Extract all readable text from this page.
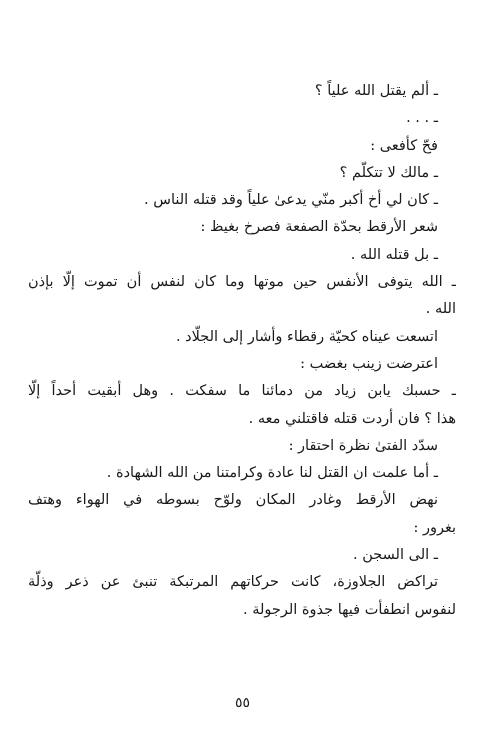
ـ ألم يقتل الله علياً ؟
ـ . . .
فحّ كأفعى :
ـ مالك لا تتكلّم ؟
ـ كان لي أخ أكبر منّي يدعىٰ علياً وقد قتله الناس .
شعر الأرقط بحدّة الصفعة فصرخ بغيظ :
ـ بل قتله الله .
ـ الله يتوفى الأنفس حين موتها وما كان لنفس أن تموت إلّا بإذن
الله .
اتسعت عيناه كحيّة رقطاء وأشار إلى الجلّاد .
اعترضت زينب بغضب :
ـ حسبك يابن زياد من دمائنا ما سفكت . وهل أبقيت أحداً إلّا
هذا ؟ فان أردت قتله فاقتلني معه .
سدّد الفتىٰ نظرة احتقار :
ـ أما علمت ان القتل لنا عادة وكرامتنا من الله الشهادة .
نهض الأرقط وغادر المكان ولوّح بسوطه في الهواء وهتف
بغرور :
ـ الى السجن .
تراكض الجلاوزة، كانت حركاتهم المرتبكة تنبئ عن ذعر وذلّة
لنفوس انطفأت فيها جذوة الرجولة .
٥٥
